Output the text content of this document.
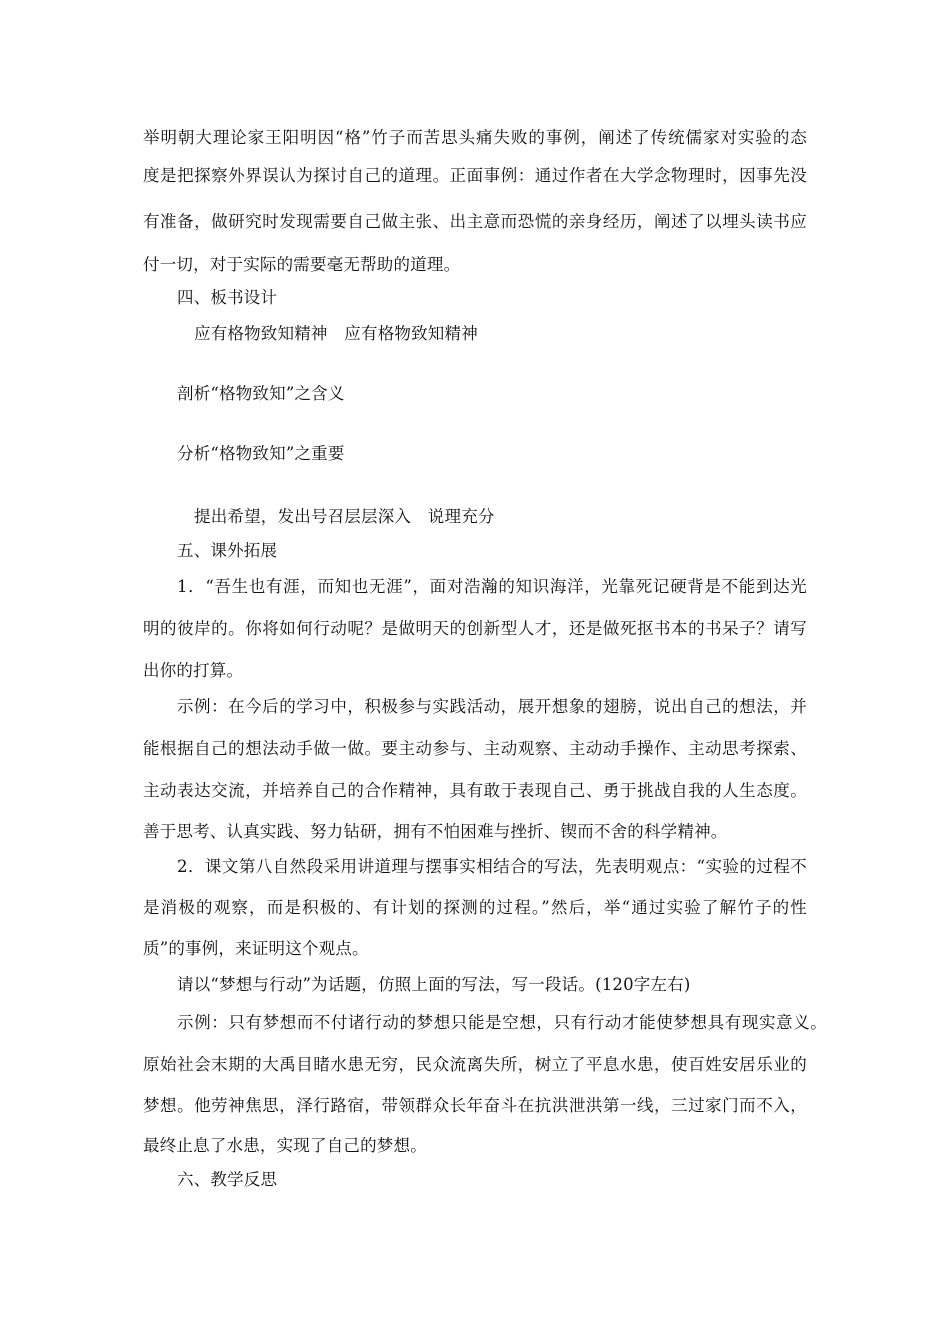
举明朝大理论家王阳明因“格”竹子而苦思头痛失败的事例，阐述了传统儒家对实验的态
度是把探察外界误认为探讨自己的道理。正面事例：通过作者在大学念物理时，因事先没
有准备，做研究时发现需要自己做主张、出主意而恐慌的亲身经历，阐述了以埋头读书应
付一切，对于实际的需要毫无帮助的道理。
四、板书设计
应有格物致知精神　应有格物致知精神
剖析“格物致知”之含义
分析“格物致知”之重要
提出希望，发出号召层层深入　说理充分
五、课外拓展
1．“吾生也有涯，而知也无涯”，面对浩瀚的知识海洋，光靠死记硬背是不能到达光
明的彼岸的。你将如何行动呢？是做明天的创新型人才，还是做死抠书本的书呆子？请写
出你的打算。
示例：在今后的学习中，积极参与实践活动，展开想象的翅膀，说出自己的想法，并
能根据自己的想法动手做一做。要主动参与、主动观察、主动动手操作、主动思考探索、
主动表达交流，并培养自己的合作精神，具有敢于表现自己、勇于挑战自我的人生态度。
善于思考、认真实践、努力钻研，拥有不怕困难与挫折、锲而不舍的科学精神。
2．课文第八自然段采用讲道理与摆事实相结合的写法，先表明观点：“实验的过程不
是消极的观察，而是积极的、有计划的探测的过程。”然后，举“通过实验了解竹子的性
质”的事例，来证明这个观点。
请以“梦想与行动”为话题，仿照上面的写法，写一段话。(120字左右)
示例：只有梦想而不付诸行动的梦想只能是空想，只有行动才能使梦想具有现实意义。
原始社会末期的大禹目睹水患无穷，民众流离失所，树立了平息水患，使百姓安居乐业的
梦想。他劳神焦思，泽行路宿，带领群众长年奋斗在抗洪泄洪第一线，三过家门而不入，
最终止息了水患，实现了自己的梦想。
六、教学反思
